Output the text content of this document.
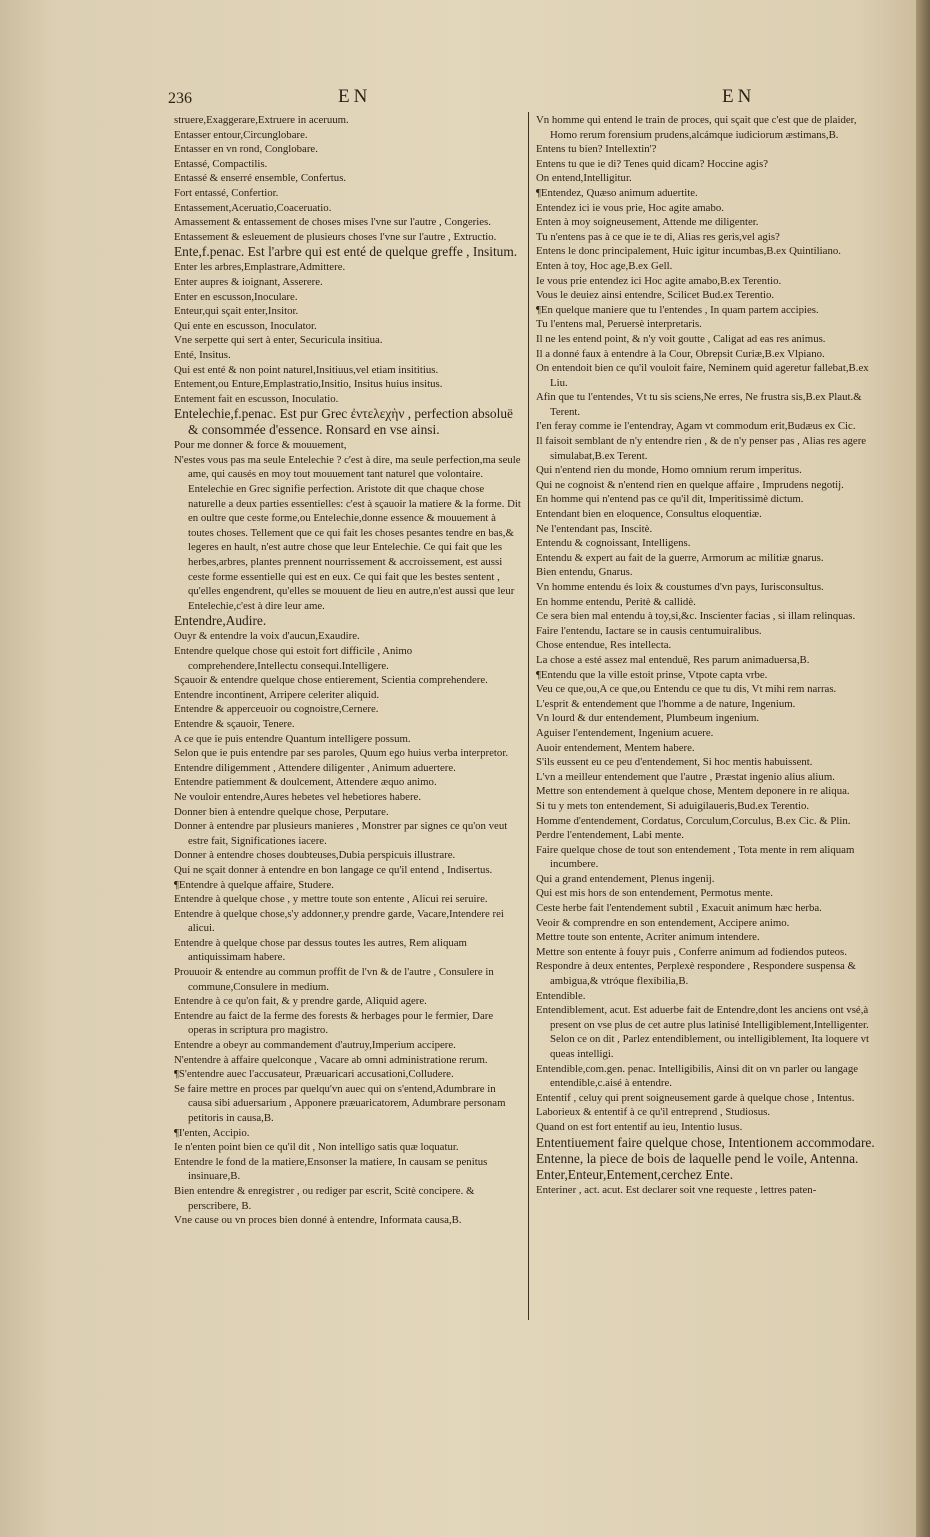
236	EN	EN

struere,Exaggerare,Extruere in aceruum.

Entasser entour,Circunglobare.

Entasser en vn rond, Conglobare.

Entassé, Compactilis.

Entassé & enserré ensemble, Confertus.

Fort entassé, Confertior.

Entassement,Aceruatio,Coaceruatio.

Amassement & entassement de choses mises l'vne sur l'autre , Congeries.

Entassement & esleuement de plusieurs choses l'vne sur l'autre , Extructio.

Ente,f.penac. Est l'arbre qui est enté de quelque greffe , Insitum.

Enter les arbres,Emplastrare,Admittere.

Enter aupres & ioignant, Asserere.

Enter en escusson,Inoculare.

Enteur,qui sçait enter,Insitor.

Qui ente en escusson, Inoculator.

Vne serpette qui sert à enter, Securicula insitiua.

Enté, Insitus.

Qui est enté & non point naturel,Insitiuus,vel etiam insititius.

Entement,ou Enture,Emplastratio,Insitio, Insitus huius insitus.

Entement fait en escusson, Inoculatio.

Entelechie,f.penac. Est pur Grec ἐντελεχὴν , perfection absoluë & consommée d'essence. Ronsard en vse ainsi.

Pour me donner & force & mouuement,

N'estes vous pas ma seule Entelechie ? c'est à dire, ma seule perfection,ma seule ame, qui causés en moy tout mouuement tant naturel que volontaire. Entelechie en Grec signifie perfection. Aristote dit que chaque chose naturelle a deux parties essentielles: c'est à sçauoir la matiere & la forme. Dit en oultre que ceste forme,ou Entelechie,donne essence & mouuement à toutes choses. Tellement que ce qui fait les choses pesantes tendre en bas,& legeres en hault, n'est autre chose que leur Entelechie. Ce qui fait que les herbes,arbres, plantes prennent nourrissement & accroissement, est aussi ceste forme essentielle qui est en eux. Ce qui fait que les bestes sentent , qu'elles engendrent, qu'elles se mouuent de lieu en autre,n'est aussi que leur Entelechie,c'est à dire leur ame.

Entendre,Audire.

Ouyr & entendre la voix d'aucun,Exaudire.

Entendre quelque chose qui estoit fort difficile , Animo comprehendere,Intellectu consequi.Intelligere.

Sçauoir & entendre quelque chose entierement, Scientia comprehendere.

Entendre incontinent, Arripere celeriter aliquid.

Entendre & apperceuoir ou cognoistre,Cernere.

Entendre & sçauoir, Tenere.

A ce que ie puis entendre Quantum intelligere possum.

Selon que ie puis entendre par ses paroles, Quum ego huius verba interpretor.

Entendre diligemment , Attendere diligenter , Animum aduertere.

Entendre patiemment & doulcement, Attendere æquo animo.

Ne vouloir entendre,Aures hebetes vel hebetiores habere.

Donner bien à entendre quelque chose, Perputare.

Donner à entendre par plusieurs manieres , Monstrer par signes ce qu'on veut estre fait, Significationes iacere.

Donner à entendre choses doubteuses,Dubia perspicuis illustrare.

Qui ne sçait donner à entendre en bon langage ce qu'il entend , Indisertus.

¶Entendre à quelque affaire, Studere.

Entendre à quelque chose , y mettre toute son entente , Alicui rei seruire.

Entendre à quelque chose,s'y addonner,y prendre garde, Vacare,Intendere rei alicui.

Entendre à quelque chose par dessus toutes les autres, Rem aliquam antiquissimam habere.

Prouuoir & entendre au commun proffit de l'vn & de l'autre , Consulere in commune,Consulere in medium.

Entendre à ce qu'on fait, & y prendre garde, Aliquid agere.

Entendre au faict de la ferme des forests & herbages pour le fermier, Dare operas in scriptura pro magistro.

Entendre a obeyr au commandement d'autruy,Imperium accipere.

N'entendre à affaire quelconque , Vacare ab omni administratione rerum.

¶S'entendre auec l'accusateur, Præuaricari accusationi,Colludere.

Se faire mettre en proces par quelqu'vn auec qui on s'entend,Adumbrare in causa sibi aduersarium , Apponere præuaricatorem, Adumbrare personam petitoris in causa,B.

¶I'enten, Accipio.

Ie n'enten point bien ce qu'il dit , Non intelligo satis quæ loquatur.

Entendre le fond de la matiere,Ensonser la matiere, In causam se penitus insinuare,B.

Bien entendre & enregistrer , ou rediger par escrit, Scitè concipere. & perscribere, B.

Vne cause ou vn proces bien donné à entendre, Informata causa,B.

Vn homme qui entend le train de proces, qui sçait que c'est que de plaider, Homo rerum forensium prudens,alcámque iudiciorum æstimans,B.

Entens tu bien? Intellextin'?

Entens tu que ie di? Tenes quid dicam? Hoccine agis?

On entend,Intelligitur.

¶Entendez, Quæso animum aduertite.

Entendez ici ie vous prie, Hoc agite amabo.

Enten à moy soigneusement, Attende me diligenter.

Tu n'entens pas à ce que ie te di, Alias res geris,vel agis?

Entens le donc principalement, Huic igitur incumbas,B.ex Quintiliano.

Enten à toy, Hoc age,B.ex Gell.

Ie vous prie entendez ici Hoc agite amabo,B.ex Terentio.

Vous le deuiez ainsi entendre, Scilicet Bud.ex Terentio.

¶En quelque maniere que tu l'entendes , In quam partem accipies.

Tu l'entens mal, Peruersè interpretaris.

Il ne les entend point, & n'y voit goutte , Caligat ad eas res animus.

Il a donné faux à entendre à la Cour, Obrepsit Curiæ,B.ex Vlpiano.

On entendoit bien ce qu'il vouloit faire, Neminem quid ageretur fallebat,B.ex Liu.

Afin que tu l'entendes, Vt tu sis sciens,Ne erres, Ne frustra sis,B.ex Plaut.& Terent.

I'en feray comme ie l'entendray, Agam vt commodum erit,Budæus ex Cic.

Il faisoit semblant de n'y entendre rien , & de n'y penser pas , Alias res agere simulabat,B.ex Terent.

Qui n'entend rien du monde, Homo omnium rerum imperitus.

Qui ne cognoist & n'entend rien en quelque affaire , Imprudens negotij.

En homme qui n'entend pas ce qu'il dit, Imperitissimè dictum.

Entendant bien en eloquence, Consultus eloquentiæ.

Ne l'entendant pas, Inscitè.

Entendu & cognoissant, Intelligens.

Entendu & expert au fait de la guerre, Armorum ac militiæ gnarus.

Bien entendu, Gnarus.

Vn homme entendu és loix & coustumes d'vn pays, Iurisconsultus.

En homme entendu, Peritè & callidè.

Ce sera bien mal entendu à toy,si,&c. Inscienter facias , si illam relinquas.

Faire l'entendu, Iactare se in causis centumuiralibus.

Chose entendue, Res intellecta.

La chose a esté assez mal entenduë, Res parum animaduersa,B.

¶Entendu que la ville estoit prinse, Vtpote capta vrbe.

Veu ce que,ou,A ce que,ou Entendu ce que tu dis, Vt mihi rem narras.

L'esprit & entendement que l'homme a de nature, Ingenium.

Vn lourd & dur entendement, Plumbeum ingenium.

Aguiser l'entendement, Ingenium acuere.

Auoir entendement, Mentem habere.

S'ils eussent eu ce peu d'entendement, Si hoc mentis habuissent.

L'vn a meilleur entendement que l'autre , Præstat ingenio alius alium.

Mettre son entendement à quelque chose, Mentem deponere in re aliqua.

Si tu y mets ton entendement, Si aduigilaueris,Bud.ex Terentio.

Homme d'entendement, Cordatus, Corculum,Corculus, B.ex Cic. & Plin.

Perdre l'entendement, Labi mente.

Faire quelque chose de tout son entendement , Tota mente in rem aliquam incumbere.

Qui a grand entendement, Plenus ingenij.

Qui est mis hors de son entendement, Permotus mente.

Ceste herbe fait l'entendement subtil , Exacuit animum hæc herba.

Veoir & comprendre en son entendement, Accipere animo.

Mettre toute son entente, Acriter animum intendere.

Mettre son entente à fouyr puis , Conferre animum ad fodiendos puteos.

Respondre à deux ententes, Perplexè respondere , Respondere suspensa & ambigua,& vtróque flexibilia,B.

Entendible.

Entendiblement, acut. Est aduerbe fait de Entendre,dont les anciens ont vsé,à present on vse plus de cet autre plus latinisé Intelligiblement,Intelligenter. Selon ce on dit , Parlez entendiblement, ou intelligiblement, Ita loquere vt queas intelligi.

Entendible,com.gen. penac. Intelligibilis, Ainsi dit on vn parler ou langage entendible,c.aisé à entendre.

Ententif , celuy qui prent soigneusement garde à quelque chose , Intentus.

Laborieux & ententif à ce qu'il entreprend , Studiosus.

Quand on est fort ententif au ieu, Intentio lusus.

Ententiuement faire quelque chose, Intentionem accommodare.

Entenne, la piece de bois de laquelle pend le voile, Antenna.

Enter,Enteur,Entement,cerchez Ente.

Enteriner , act. acut. Est declarer soit vne requeste , lettres paten-
